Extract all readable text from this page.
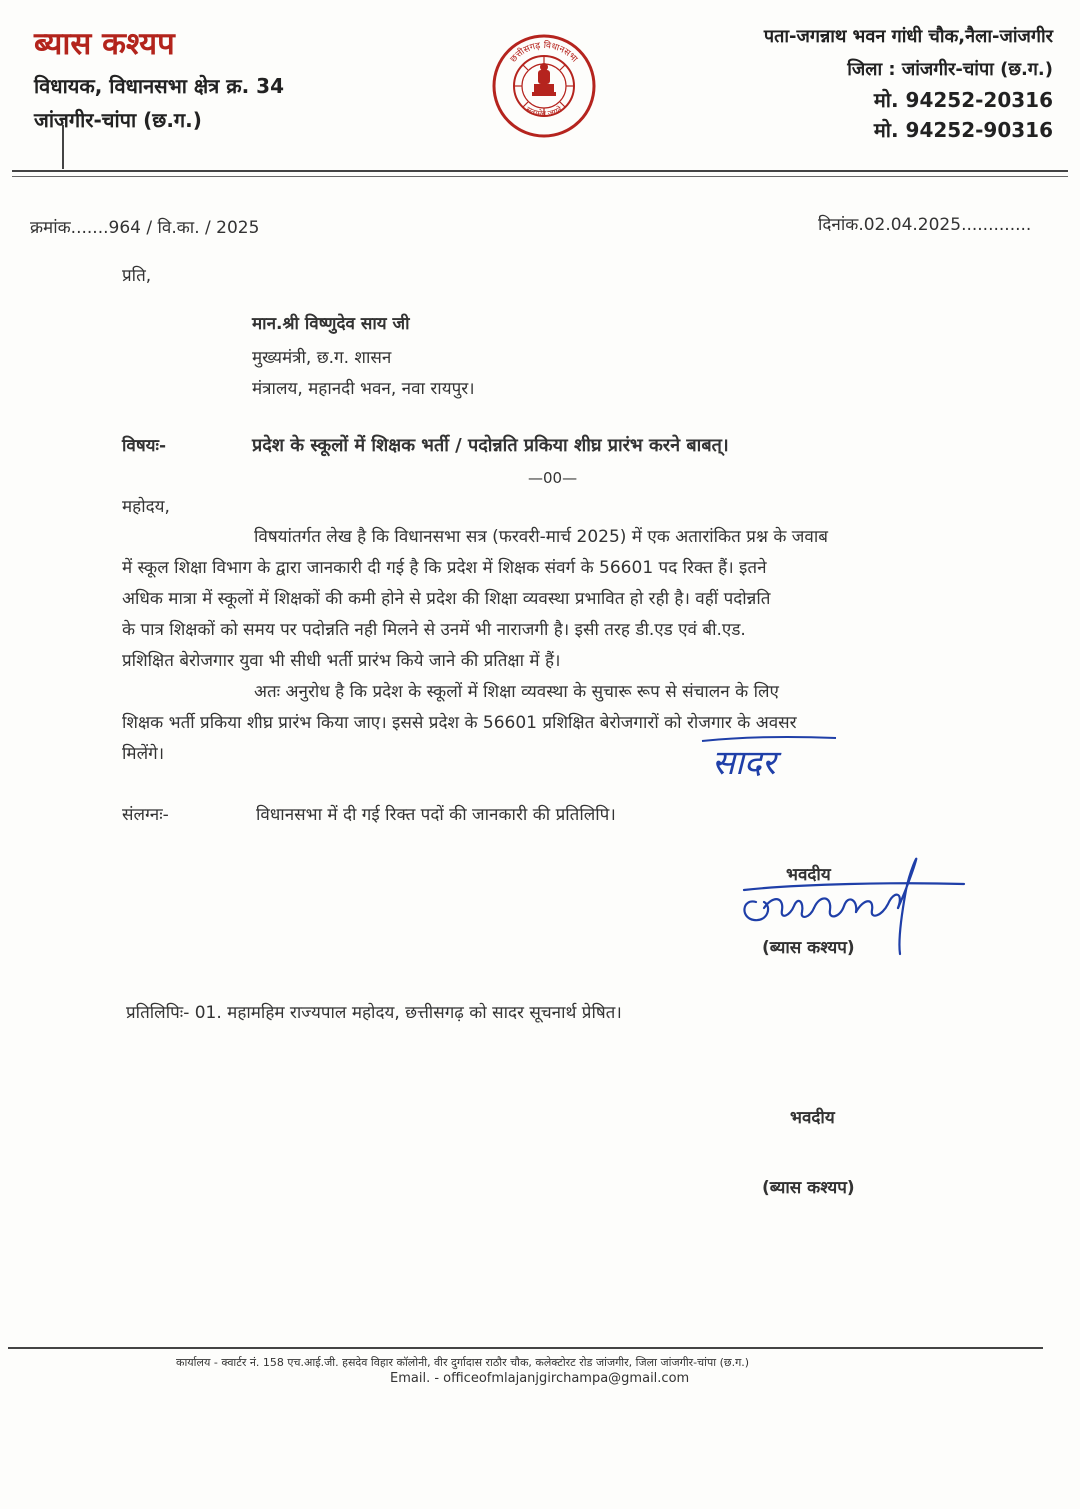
ब्यास कश्यप
विधायक, विधानसभा क्षेत्र क्र. 34
जांजगीर-चांपा (छ.ग.)
छत्तीसगढ़ विधानसभा
सत्यमेव जयते
पता-जगन्नाथ भवन गांधी चौक,नैला-जांजगीर
जिला : जांजगीर-चांपा (छ.ग.)
मो. 94252-20316
मो. 94252-90316
क्रमांक.......964 / वि.का. / 2025	दिनांक.02.04.2025.............
प्रति,
मान.श्री विष्णुदेव साय जी
मुख्यमंत्री, छ.ग. शासन
मंत्रालय, महानदी भवन, नवा रायपुर।
विषयः-	प्रदेश के स्कूलों में शिक्षक भर्ती / पदोन्नति प्रकिया शीघ्र प्रारंभ करने बाबत्।
—00—
महोदय,
विषयांतर्गत लेख है कि विधानसभा सत्र (फरवरी-मार्च 2025) में एक अतारांकित प्रश्न के जवाब
में स्कूल शिक्षा विभाग के द्वारा जानकारी दी गई है कि प्रदेश में शिक्षक संवर्ग के 56601 पद रिक्त हैं। इतने
अधिक मात्रा में स्कूलों में शिक्षकों की कमी होने से प्रदेश की शिक्षा व्यवस्था प्रभावित हो रही है। वहीं पदोन्नति
के पात्र शिक्षकों को समय पर पदोन्नति नही मिलने से उनमें भी नाराजगी है। इसी तरह डी.एड एवं बी.एड.
प्रशिक्षित बेरोजगार युवा भी सीधी भर्ती प्रारंभ किये जाने की प्रतिक्षा में हैं।
अतः अनुरोध है कि प्रदेश के स्कूलों में शिक्षा व्यवस्था के सुचारू रूप से संचालन के लिए
शिक्षक भर्ती प्रकिया शीघ्र प्रारंभ किया जाए। इससे प्रदेश के 56601 प्रशिक्षित बेरोजगारों को रोजगार के अवसर
मिलेंगे।	सादर
संलग्नः-	विधानसभा में दी गई रिक्त पदों की जानकारी की प्रतिलिपि।
भवदीय
(ब्यास कश्यप)
प्रतिलिपिः- 01. महामहिम राज्यपाल महोदय, छत्तीसगढ़ को सादर सूचनार्थ प्रेषित।
भवदीय
(ब्यास कश्यप)
कार्यालय - क्वार्टर नं. 158 एच.आई.जी. हसदेव विहार कॉलोनी, वीर दुर्गादास राठौर चौक, कलेक्टोरट रोड जांजगीर, जिला जांजगीर-चांपा (छ.ग.)
Email. - officeofmlajanjgirchampa@gmail.com
